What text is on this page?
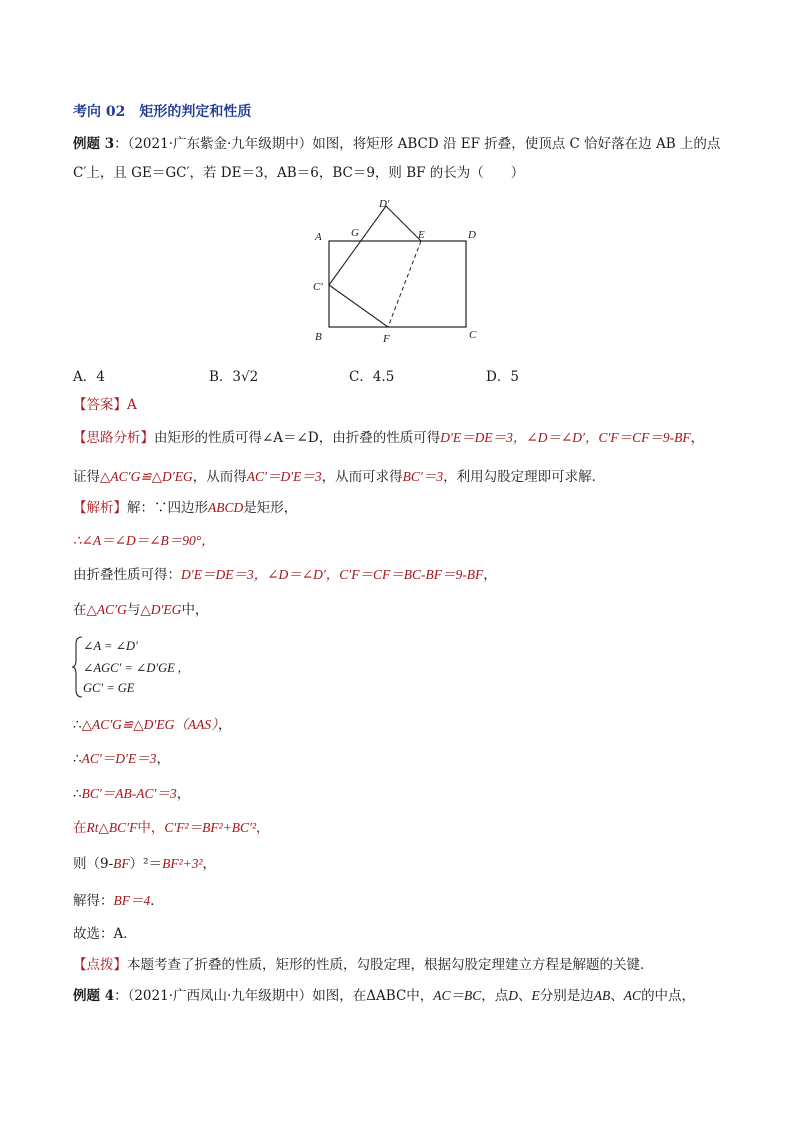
考向 02　矩形的判定和性质
例题 3：（2021·广东紫金·九年级期中）如图，将矩形 ABCD 沿 EF 折叠，使顶点 C 恰好落在边 AB 上的点
C′上，且 GE＝GC′，若 DE＝3，AB＝6，BC＝9，则 BF 的长为（　　）
D′
A	G	E	D
C′
B	F	C
A．4	B．3√2	C．4.5	D．5
【答案】A
【思路分析】由矩形的性质可得∠A＝∠D，由折叠的性质可得D′E＝DE＝3，∠D＝∠D′，C′F＝CF＝9-BF，
证得△AC′G≌△D′EG，从而得AC′＝D′E＝3，从而可求得BC′＝3，利用勾股定理即可求解．
【解析】解：∵四边形ABCD是矩形，
∴∠A＝∠D＝∠B＝90°，
由折叠性质可得：D′E＝DE＝3，∠D＝∠D′，C′F＝CF＝BC-BF＝9-BF，
在△AC′G与△D′EG中，
∠A = ∠D′
∠AGC′ = ∠D′GE ,
GC′ = GE
∴△AC′G≌△D′EG（AAS），
∴AC′＝D′E＝3，
∴BC′＝AB-AC′＝3，
在Rt△BC′F中，C′F²＝BF²+BC′²，
则（9-BF）²＝BF²+3²，
解得：BF＝4．
故选：A．
【点拨】本题考查了折叠的性质，矩形的性质，勾股定理，根据勾股定理建立方程是解题的关键．
例题 4：（2021·广西凤山·九年级期中）如图，在ΔABC中，AC＝BC，点D、E分别是边AB、AC的中点，
